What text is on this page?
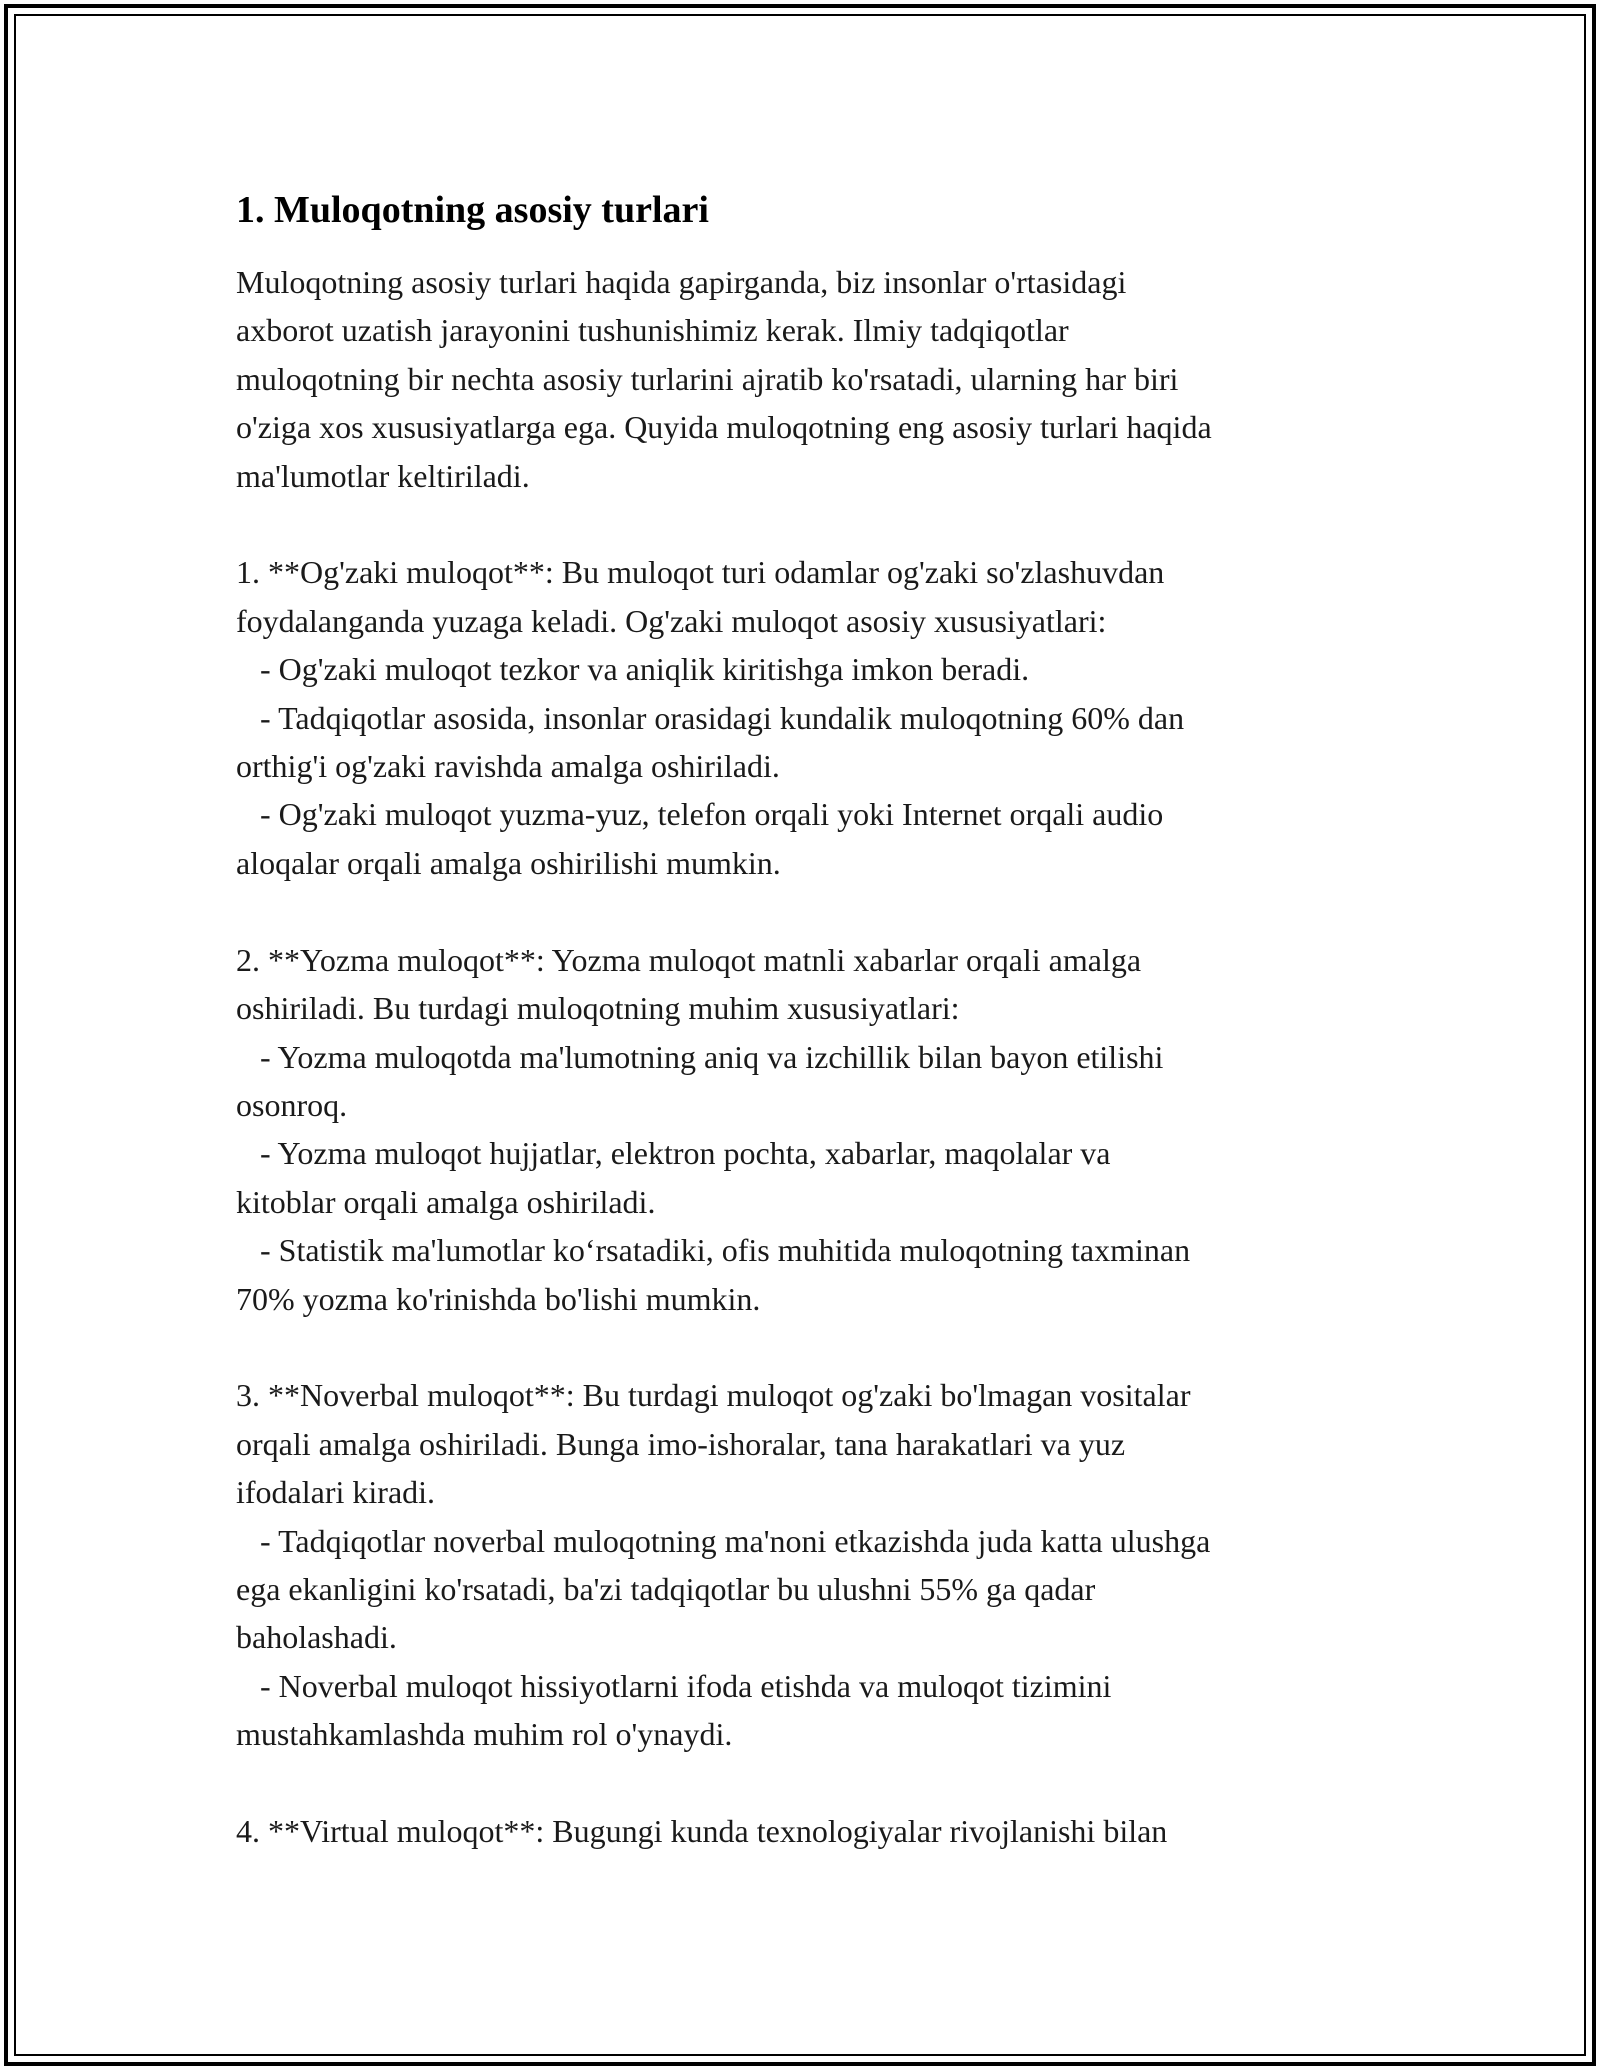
1. Muloqotning asosiy turlari

Muloqotning asosiy turlari haqida gapirganda, biz insonlar o'rtasidagi
axborot uzatish jarayonini tushunishimiz kerak. Ilmiy tadqiqotlar
muloqotning bir nechta asosiy turlarini ajratib ko'rsatadi, ularning har biri
o'ziga xos xususiyatlarga ega. Quyida muloqotning eng asosiy turlari haqida
ma'lumotlar keltiriladi.

1. **Og'zaki muloqot**: Bu muloqot turi odamlar og'zaki so'zlashuvdan
foydalanganda yuzaga keladi. Og'zaki muloqot asosiy xususiyatlari:
- Og'zaki muloqot tezkor va aniqlik kiritishga imkon beradi.
- Tadqiqotlar asosida, insonlar orasidagi kundalik muloqotning 60% dan
orthig'i og'zaki ravishda amalga oshiriladi.
- Og'zaki muloqot yuzma-yuz, telefon orqali yoki Internet orqali audio
aloqalar orqali amalga oshirilishi mumkin.

2. **Yozma muloqot**: Yozma muloqot matnli xabarlar orqali amalga
oshiriladi. Bu turdagi muloqotning muhim xususiyatlari:
- Yozma muloqotda ma'lumotning aniq va izchillik bilan bayon etilishi
osonroq.
- Yozma muloqot hujjatlar, elektron pochta, xabarlar, maqolalar va
kitoblar orqali amalga oshiriladi.
- Statistik ma'lumotlar ko‘rsatadiki, ofis muhitida muloqotning taxminan
70% yozma ko'rinishda bo'lishi mumkin.

3. **Noverbal muloqot**: Bu turdagi muloqot og'zaki bo'lmagan vositalar
orqali amalga oshiriladi. Bunga imo-ishoralar, tana harakatlari va yuz
ifodalari kiradi.
- Tadqiqotlar noverbal muloqotning ma'noni etkazishda juda katta ulushga
ega ekanligini ko'rsatadi, ba'zi tadqiqotlar bu ulushni 55% ga qadar
baholashadi.
- Noverbal muloqot hissiyotlarni ifoda etishda va muloqot tizimini
mustahkamlashda muhim rol o'ynaydi.

4. **Virtual muloqot**: Bugungi kunda texnologiyalar rivojlanishi bilan
